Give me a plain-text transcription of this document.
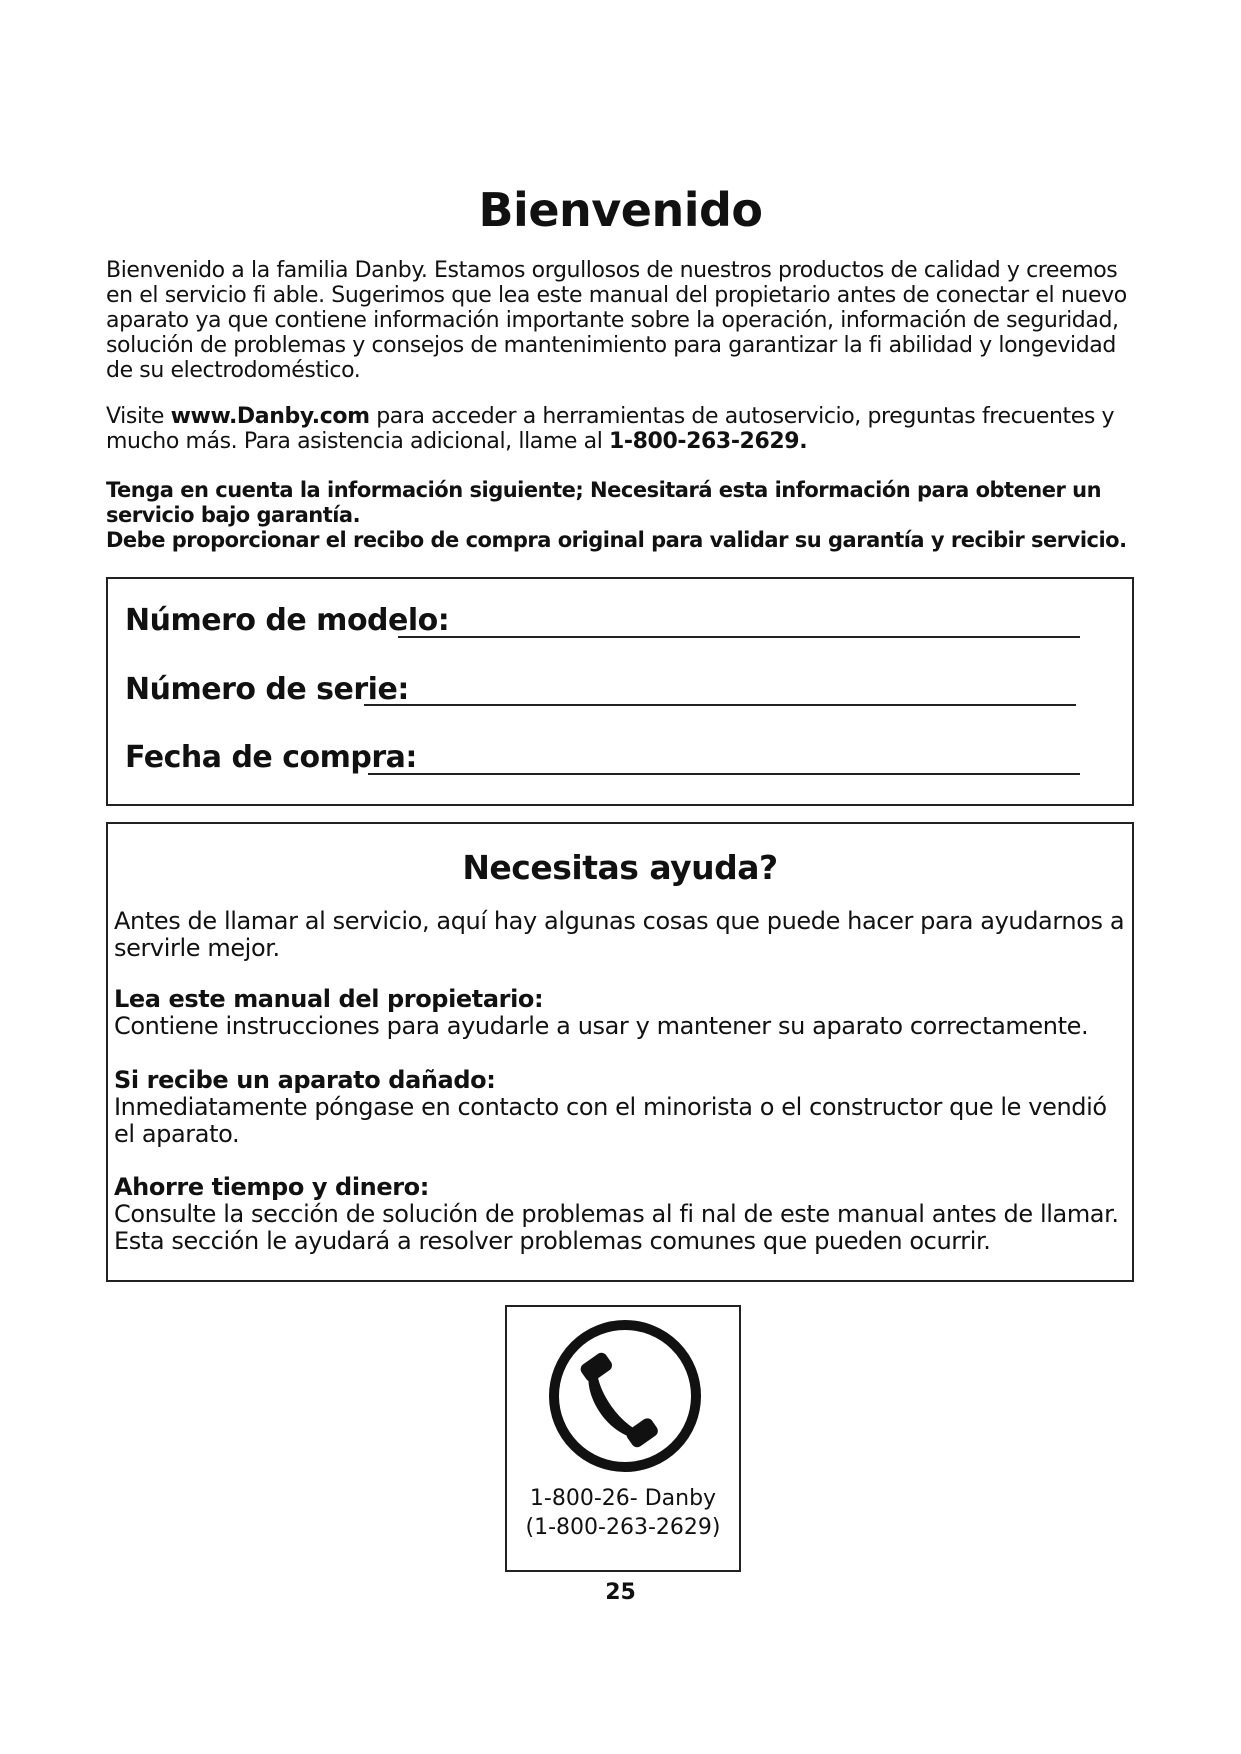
Bienvenido
Bienvenido a la familia Danby. Estamos orgullosos de nuestros productos de calidad y creemos en el servicio fi able. Sugerimos que lea este manual del propietario antes de conectar el nuevo aparato ya que contiene información importante sobre la operación, información de seguridad, solución de problemas y consejos de mantenimiento para garantizar la fi abilidad y longevidad de su electrodoméstico.
Visite www.Danby.com para acceder a herramientas de autoservicio, preguntas frecuentes y mucho más. Para asistencia adicional, llame al 1-800-263-2629.
Tenga en cuenta la información siguiente; Necesitará esta información para obtener un servicio bajo garantía.
Debe proporcionar el recibo de compra original para validar su garantía y recibir servicio.
Número de modelo:
Número de serie:
Fecha de compra:
Necesitas ayuda?
Antes de llamar al servicio, aquí hay algunas cosas que puede hacer para ayudarnos a servirle mejor.
Lea este manual del propietario:
Contiene instrucciones para ayudarle a usar y mantener su aparato correctamente.
Si recibe un aparato dañado:
Inmediatamente póngase en contacto con el minorista o el constructor que le vendió el aparato.
Ahorre tiempo y dinero:
Consulte la sección de solución de problemas al fi nal de este manual antes de llamar. Esta sección le ayudará a resolver problemas comunes que pueden ocurrir.
1-800-26- Danby
(1-800-263-2629)
25
